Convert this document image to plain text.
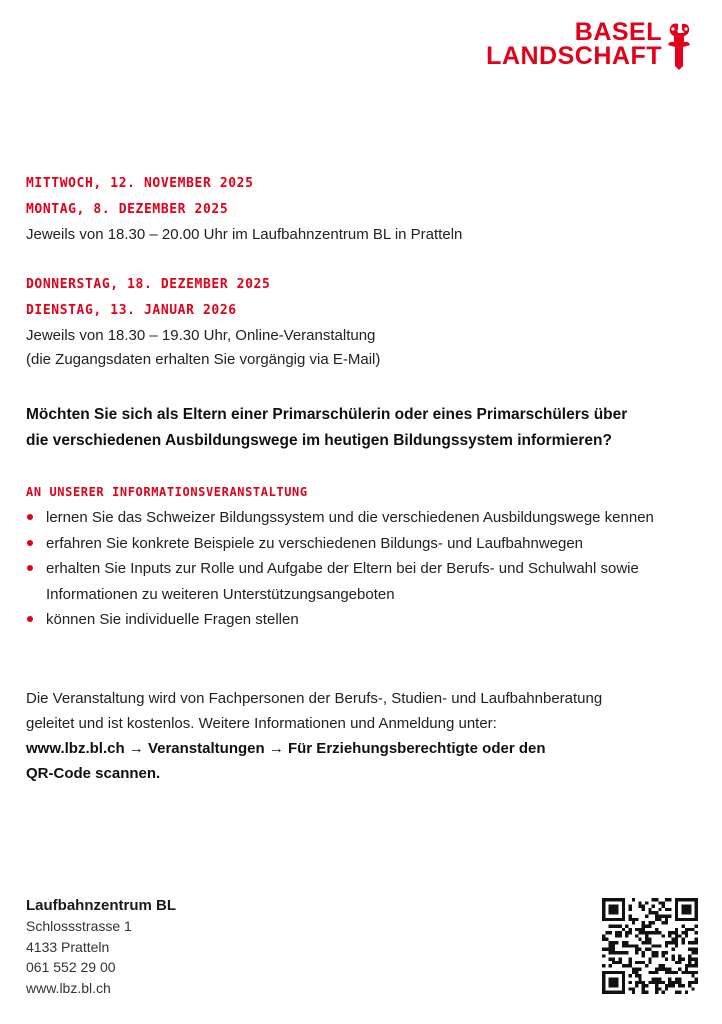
BASEL
LANDSCHAFT
MITTWOCH, 12. NOVEMBER 2025
MONTAG, 8. DEZEMBER 2025
Jeweils von 18.30 – 20.00 Uhr im Laufbahnzentrum BL in Pratteln
DONNERSTAG, 18. DEZEMBER 2025
DIENSTAG, 13. JANUAR 2026
Jeweils von 18.30 – 19.30 Uhr, Online-Veranstaltung
(die Zugangsdaten erhalten Sie vorgängig via E-Mail)
Möchten Sie sich als Eltern einer Primarschülerin oder eines Primarschülers über
die verschiedenen Ausbildungswege im heutigen Bildungssystem informieren?
AN UNSERER INFORMATIONSVERANSTALTUNG
lernen Sie das Schweizer Bildungssystem und die verschiedenen Ausbildungswege kennen
erfahren Sie konkrete Beispiele zu verschiedenen Bildungs- und Laufbahnwegen
erhalten Sie Inputs zur Rolle und Aufgabe der Eltern bei der Berufs- und Schulwahl sowie Informationen zu weiteren Unterstützungsangeboten
können Sie individuelle Fragen stellen
Die Veranstaltung wird von Fachpersonen der Berufs-, Studien- und Laufbahnberatung
geleitet und ist kostenlos. Weitere Informationen und Anmeldung unter:
www.lbz.bl.ch → Veranstaltungen → Für Erziehungsberechtigte oder den
QR-Code scannen.
Laufbahnzentrum BL
Schlossstrasse 1
4133 Pratteln
061 552 29 00
www.lbz.bl.ch
